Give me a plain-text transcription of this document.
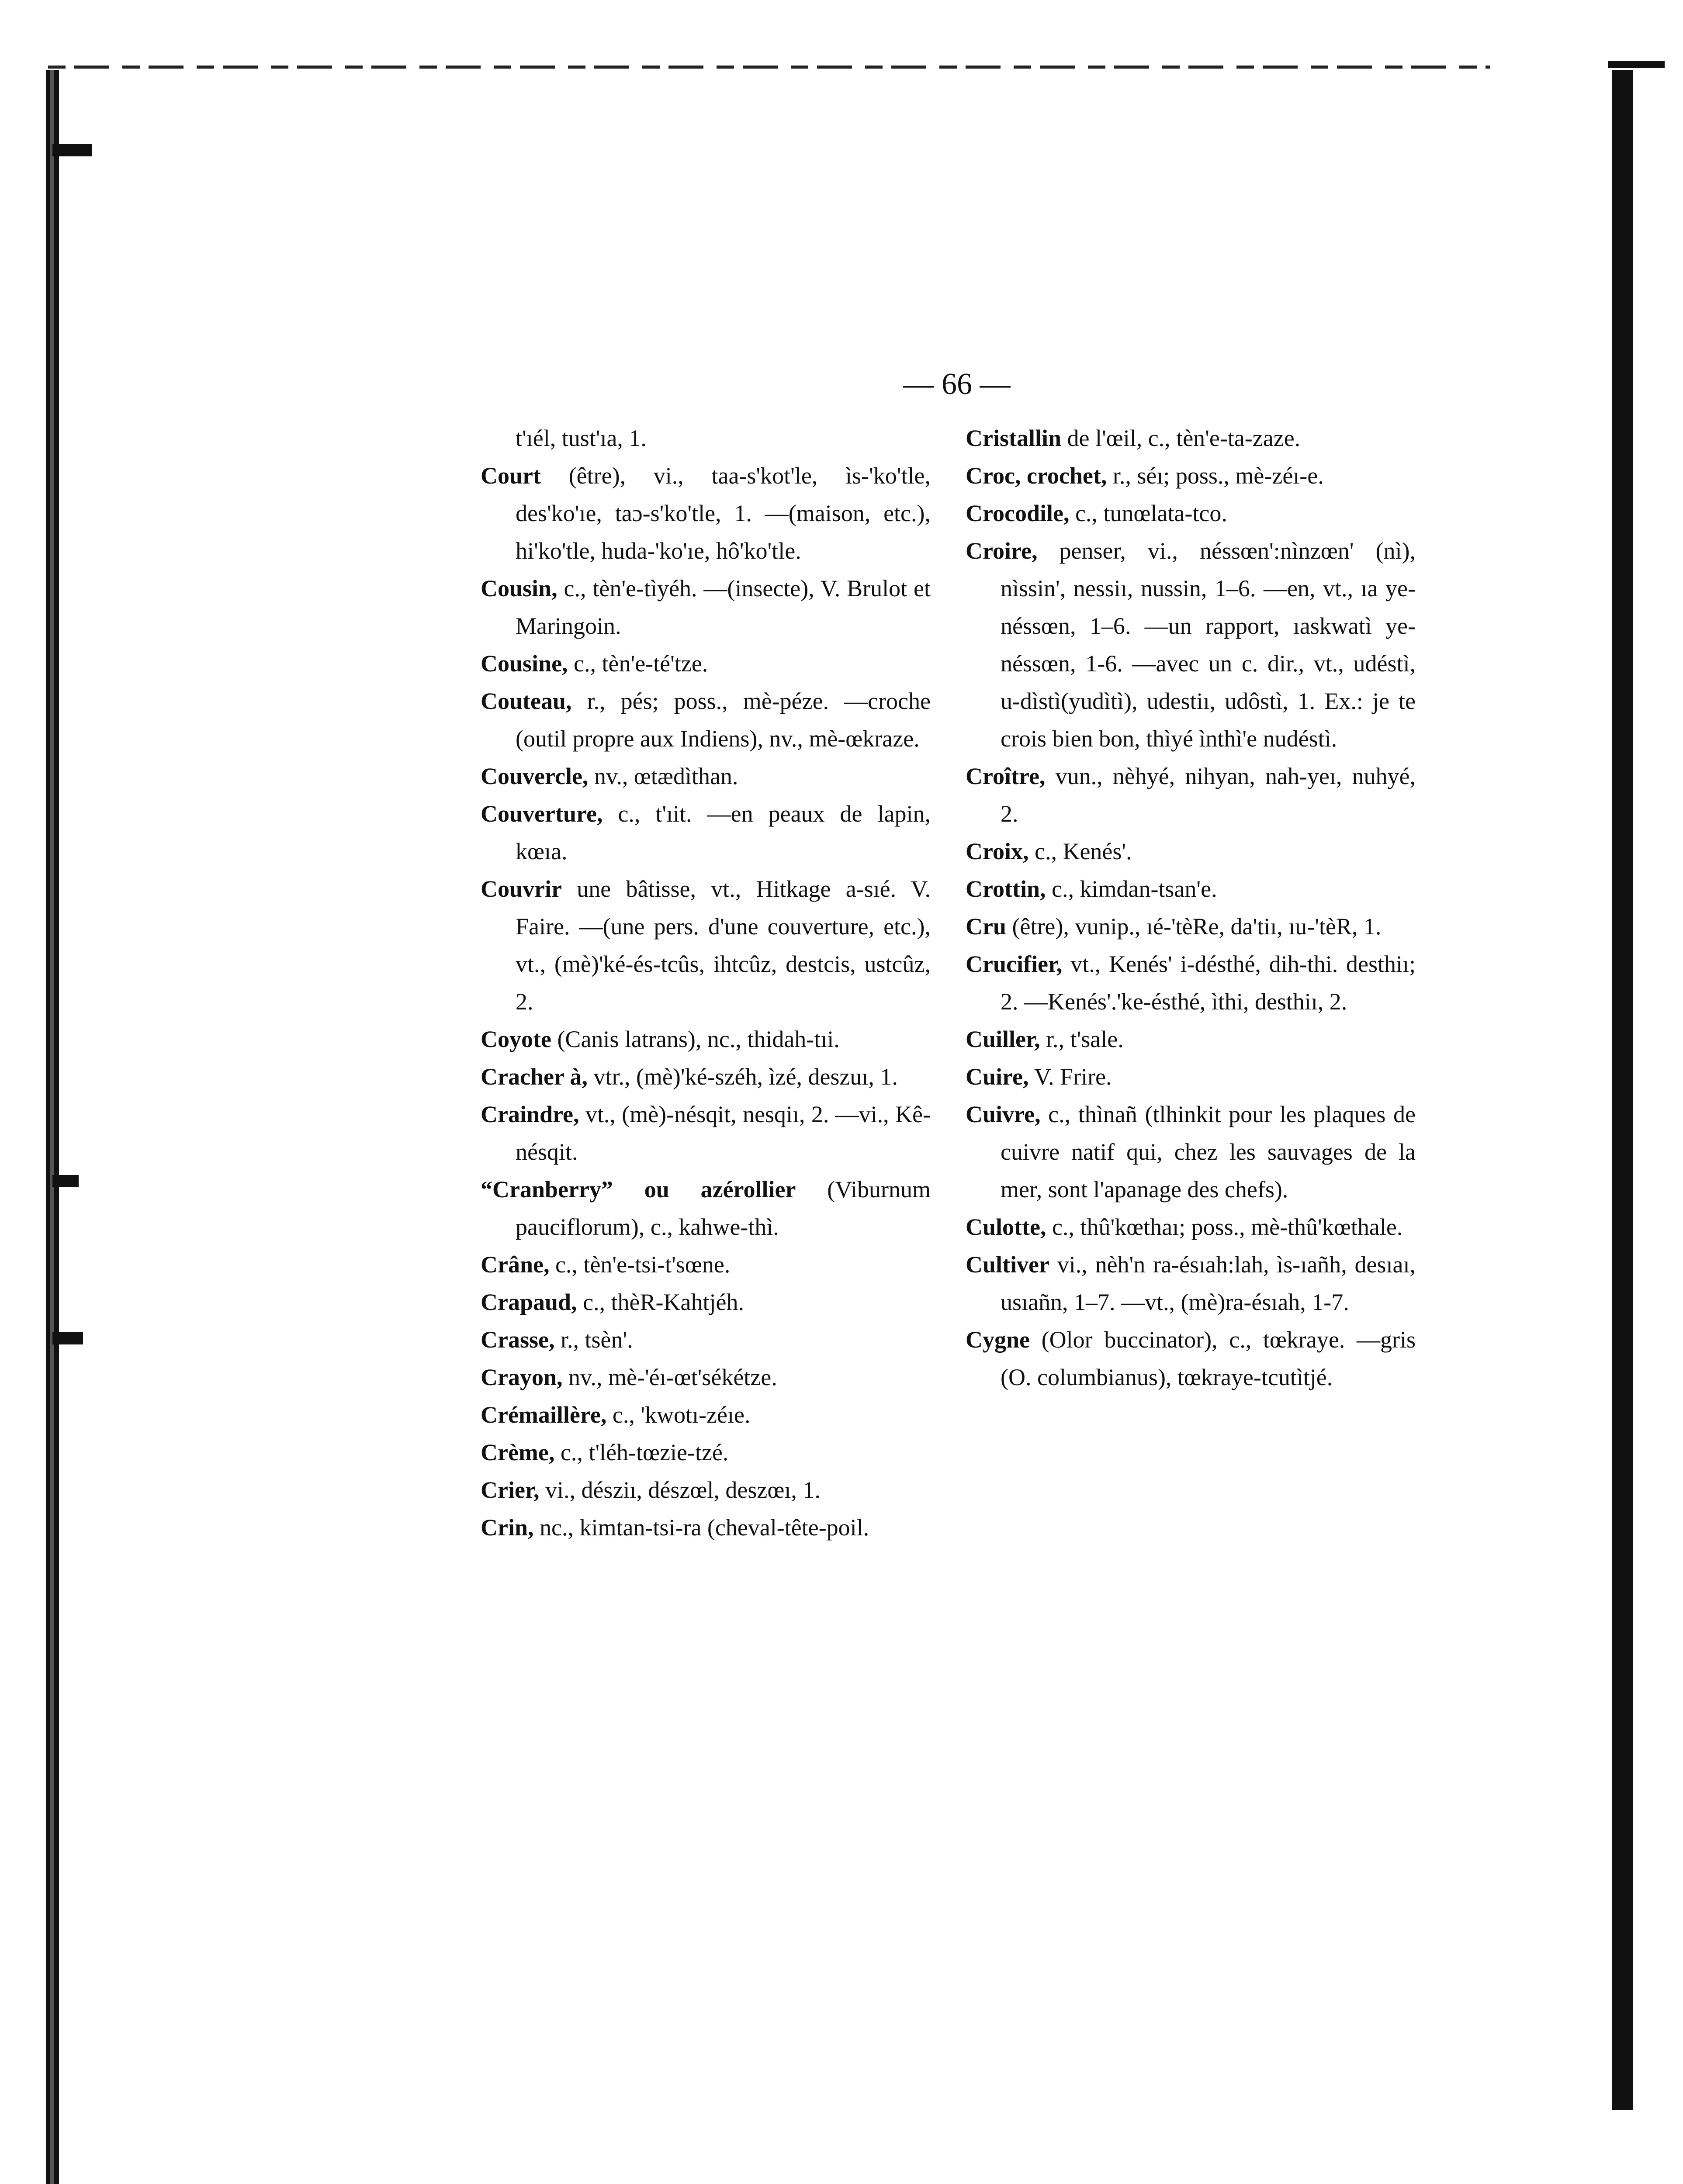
— 66 —

t'ıél, tust'ıa, 1.

Court (être), vi., taa-s'kot'le, ìs-'ko'tle, des'ko'ıe, taɔ-s'ko'tle, 1. —(maison, etc.), hi'ko'tle, huda-'ko'ıe, hô'ko'tle.

Cousin, c., tèn'e-tìyéh. —(insecte), V. Brulot et Maringoin.

Cousine, c., tèn'e-té'tze.

Couteau, r., pés; poss., mè-péze. —croche (outil propre aux Indiens), nv., mè-œkraze.

Couvercle, nv., œtædìthan.

Couverture, c., t'ıit. —en peaux de lapin, kœıa.

Couvrir une bâtisse, vt., Hitkage a-sıé. V. Faire. —(une pers. d'une couverture, etc.), vt., (mè)'ké-és-tcûs, ihtcûz, destcis, ustcûz, 2.

Coyote (Canis latrans), nc., thidah-tıi.

Cracher à, vtr., (mè)'ké-széh, ìzé, deszuı, 1.

Craindre, vt., (mè)-nésqit, nesqiı, 2. —vi., Kê-nésqit.

“Cranberry” ou azérollier (Viburnum pauciflorum), c., kahwe-thì.

Crâne, c., tèn'e-tsi-t'sœne.

Crapaud, c., thèR-Kahtjéh.

Crasse, r., tsèn'.

Crayon, nv., mè-'éı-œt'sékétze.

Crémaillère, c., 'kwotı-zéıe.

Crème, c., t'léh-tœzie-tzé.

Crier, vi., désziı, dészœl, deszœı, 1.

Crin, nc., kimtan-tsi-ra (cheval-tête-poil.

Cristallin de l'œil, c., tèn'e-ta-zaze.

Croc, crochet, r., séı; poss., mè-zéı-e.

Crocodile, c., tunœlata-tco.

Croire, penser, vi., néssœn':nìnzœn' (nì), nìssin', nessiı, nussin, 1–6. —en, vt., ıa ye-néssœn, 1–6. —un rapport, ıaskwatì ye-néssœn, 1-6. —avec un c. dir., vt., udéstì, u-dìstì(yudìtì), udestiı, udôstì, 1. Ex.: je te crois bien bon, thìyé ìnthì'e nudéstì.

Croître, vun., nèhyé, nihyan, nah-yeı, nuhyé, 2.

Croix, c., Kenés'.

Crottin, c., kimdan-tsan'e.

Cru (être), vunip., ıé-'tèRe, da'tiı, ıu-'tèR, 1.

Crucifier, vt., Kenés' i-désthé, dih-thi. desthiı; 2. —Kenés'.'ke-ésthé, ìthi, desthiı, 2.

Cuiller, r., t'sale.

Cuire, V. Frire.

Cuivre, c., thìnañ (tlhinkit pour les plaques de cuivre natif qui, chez les sauvages de la mer, sont l'apanage des chefs).

Culotte, c., thû'kœthaı; poss., mè-thû'kœthale.

Cultiver vi., nèh'n ra-ésıah:lah, ìs-ıañh, desıaı, usıañn, 1–7. —vt., (mè)ra-ésıah, 1-7.

Cygne (Olor buccinator), c., tœkraye. —gris (O. columbianus), tœkraye-tcutìtjé.
